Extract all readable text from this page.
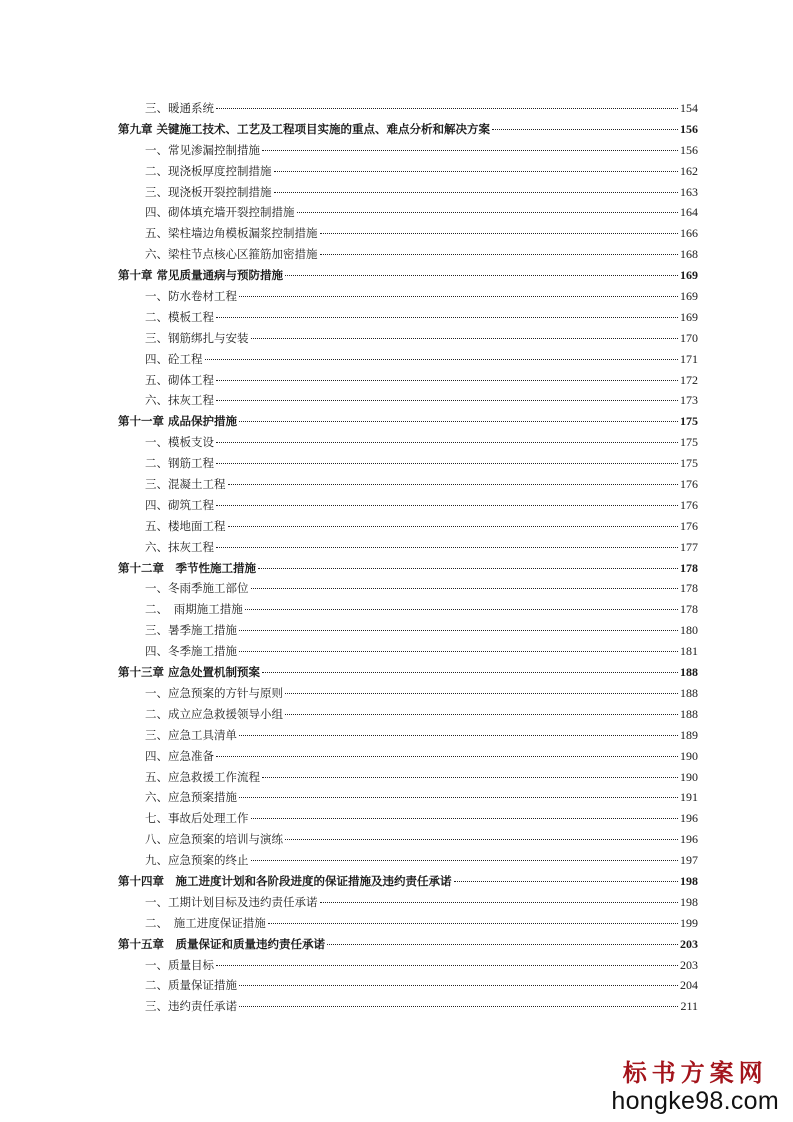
三、暖通系统	154
第九章 关键施工技术、工艺及工程项目实施的重点、难点分析和解决方案	156
一、常见渗漏控制措施	156
二、现浇板厚度控制措施	162
三、现浇板开裂控制措施	163
四、砌体填充墙开裂控制措施	164
五、梁柱墙边角模板漏浆控制措施	166
六、梁柱节点核心区箍筋加密措施	168
第十章 常见质量通病与预防措施	169
一、防水卷材工程	169
二、模板工程	169
三、钢筋绑扎与安装	170
四、砼工程	171
五、砌体工程	172
六、抹灰工程	173
第十一章 成品保护措施	175
一、模板支设	175
二、钢筋工程	175
三、混凝土工程	176
四、砌筑工程	176
五、楼地面工程	176
六、抹灰工程	177
第十二章　季节性施工措施	178
一、冬雨季施工部位	178
二、　雨期施工措施	178
三、暑季施工措施	180
四、冬季施工措施	181
第十三章 应急处置机制预案	188
一、应急预案的方针与原则	188
二、成立应急救援领导小组	188
三、应急工具清单	189
四、应急准备	190
五、应急救援工作流程	190
六、应急预案措施	191
七、事故后处理工作	196
八、应急预案的培训与演练	196
九、应急预案的终止	197
第十四章　施工进度计划和各阶段进度的保证措施及违约责任承诺	198
一、工期计划目标及违约责任承诺	198
二、　施工进度保证措施	199
第十五章　质量保证和质量违约责任承诺	203
一、质量目标	203
二、质量保证措施	204
三、违约责任承诺	211
标书方案网
hongke98.com
